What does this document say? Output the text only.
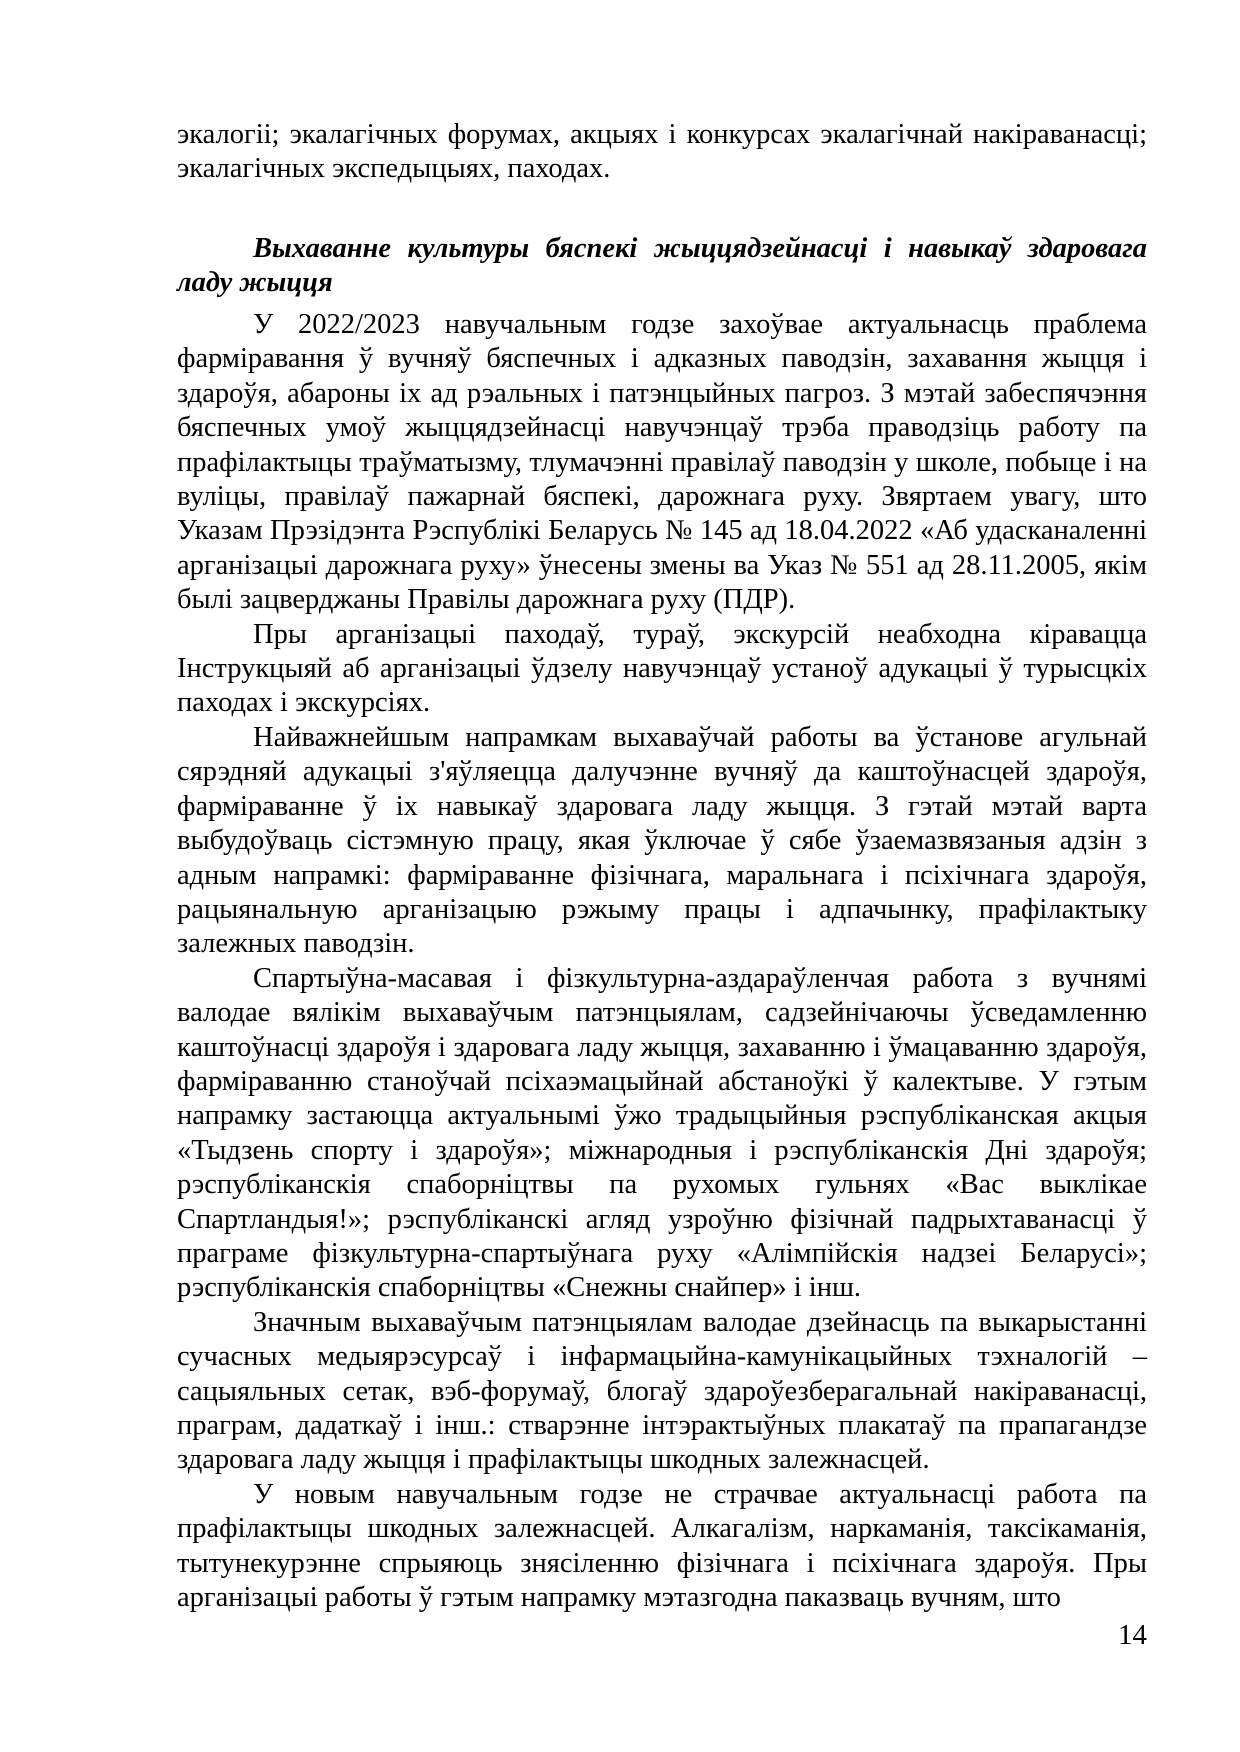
экалогіі; экалагічных форумах, акцыях і конкурсах экалагічнай накіраванасці; экалагічных экспедыцыях, паходах.

Выхаванне культуры бяспекі жыццядзейнасці і навыкаў здаровага ладу жыцця

У 2022/2023 навучальным годзе захоўвае актуальнасць праблема фарміравання ў вучняў бяспечных і адказных паводзін, захавання жыцця і здароўя, абароны іх ад рэальных і патэнцыйных пагроз. З мэтай забеспячэння бяспечных умоў жыццядзейнасці навучэнцаў трэба праводзіць работу па прафілактыцы траўматызму, тлумачэнні правілаў паводзін у школе, побыце і на вуліцы, правілаў пажарнай бяспекі, дарожнага руху. Звяртаем увагу, што Указам Прэзідэнта Рэспублікі Беларусь № 145 ад 18.04.2022 «Аб удасканаленні арганізацыі дарожнага руху» ўнесены змены ва Указ № 551 ад 28.11.2005, якім былі зацверджаны Правілы дарожнага руху (ПДР).

Пры арганізацыі паходаў, тураў, экскурсій неабходна кіравацца Інструкцыяй аб арганізацыі ўдзелу навучэнцаў устаноў адукацыі ў турысцкіх паходах і экскурсіях.

Найважнейшым напрамкам выхаваўчай работы ва ўстанове агульнай сярэдняй адукацыі з'яўляецца далучэнне вучняў да каштоўнасцей здароўя, фарміраванне ў іх навыкаў здаровага ладу жыцця. З гэтай мэтай варта выбудоўваць сістэмную працу, якая ўключае ў сябе ўзаемазвязаныя адзін з адным напрамкі: фарміраванне фізічнага, маральнага і псіхічнага здароўя, рацыянальную арганізацыю рэжыму працы і адпачынку, прафілактыку залежных паводзін.

Спартыўна-масавая і фізкультурна-аздараўленчая работа з вучнямі валодае вялікім выхаваўчым патэнцыялам, садзейнічаючы ўсведамленню каштоўнасці здароўя і здаровага ладу жыцця, захаванню і ўмацаванню здароўя, фарміраванню станоўчай псіхаэмацыйнай абстаноўкі ў калектыве. У гэтым напрамку застаюцца актуальнымі ўжо традыцыйныя рэспубліканская акцыя «Тыдзень спорту і здароўя»; міжнародныя і рэспубліканскія Дні здароўя; рэспубліканскія спаборніцтвы па рухомых гульнях «Вас выклікае Спартландыя!»; рэспубліканскі агляд узроўню фізічнай падрыхтаванасці ў праграме фізкультурна-спартыўнага руху «Алімпійскія надзеі Беларусі»; рэспубліканскія спаборніцтвы «Снежны снайпер» і інш.

Значным выхаваўчым патэнцыялам валодае дзейнасць па выкарыстанні сучасных медыярэсурсаў і інфармацыйна-камунікацыйных тэхналогій – сацыяльных сетак, вэб-форумаў, блогаў здароўезберагальнай накіраванасці, праграм, дадаткаў і інш.: стварэнне інтэрактыўных плакатаў па прапагандзе здаровага ладу жыцця і прафілактыцы шкодных залежнасцей.

У новым навучальным годзе не страчвае актуальнасці работа па прафілактыцы шкодных залежнасцей. Алкагалізм, наркаманія, таксікаманія, тытунекурэнне спрыяюць знясіленню фізічнага і псіхічнага здароўя. Пры арганізацыі работы ў гэтым напрамку мэтазгодна паказваць вучням, што

14
